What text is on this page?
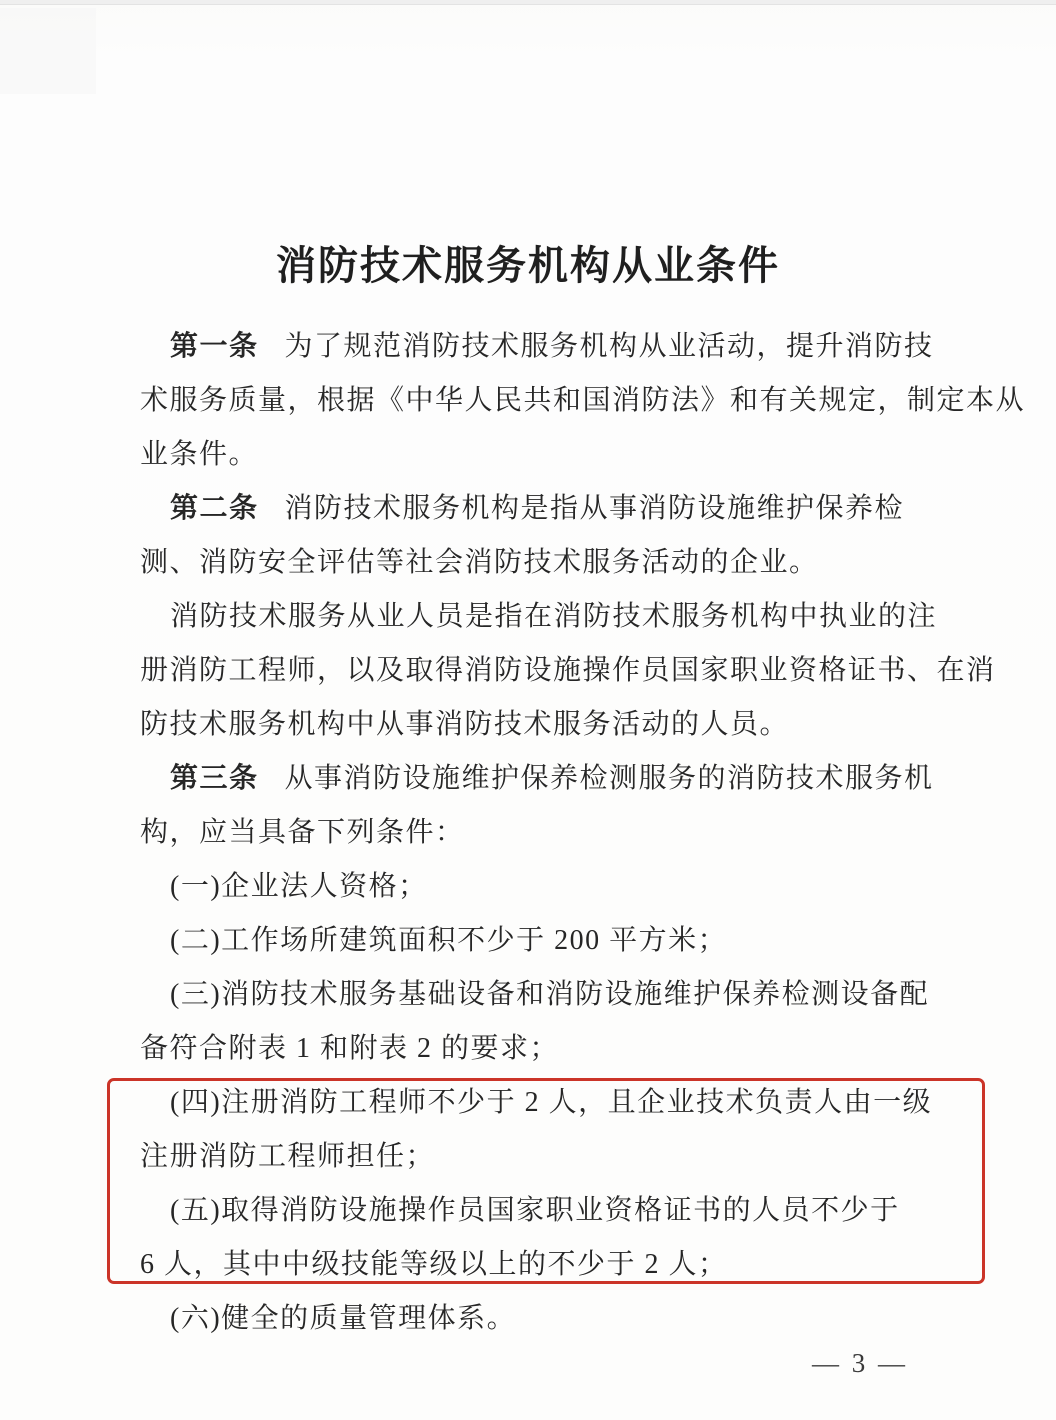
消防技术服务机构从业条件
第一条 为了规范消防技术服务机构从业活动，提升消防技
术服务质量，根据《中华人民共和国消防法》和有关规定，制定本从
业条件。
第二条 消防技术服务机构是指从事消防设施维护保养检
测、消防安全评估等社会消防技术服务活动的企业。
消防技术服务从业人员是指在消防技术服务机构中执业的注
册消防工程师，以及取得消防设施操作员国家职业资格证书、在消
防技术服务机构中从事消防技术服务活动的人员。
第三条 从事消防设施维护保养检测服务的消防技术服务机
构，应当具备下列条件：
(一)企业法人资格；
(二)工作场所建筑面积不少于 200 平方米；
(三)消防技术服务基础设备和消防设施维护保养检测设备配
备符合附表 1 和附表 2 的要求；
(四)注册消防工程师不少于 2 人，且企业技术负责人由一级
注册消防工程师担任；
(五)取得消防设施操作员国家职业资格证书的人员不少于
6 人，其中中级技能等级以上的不少于 2 人；
(六)健全的质量管理体系。
— 3 —
